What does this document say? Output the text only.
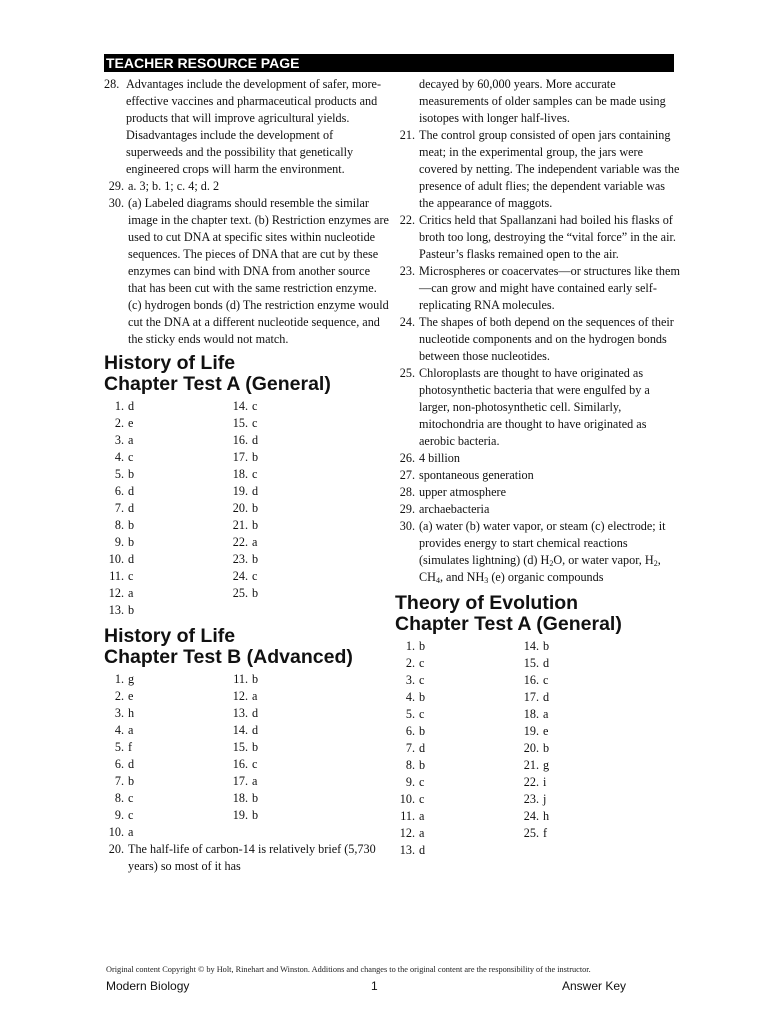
TEACHER RESOURCE PAGE
28. Advantages include the development of safer, more-effective vaccines and pharmaceutical products and products that will improve agricultural yields. Disadvantages include the development of superweeds and the possibility that genetically engineered crops will harm the environment.
29. a. 3; b. 1; c. 4; d. 2
30. (a) Labeled diagrams should resemble the similar image in the chapter text. (b) Restriction enzymes are used to cut DNA at specific sites within nucleotide sequences. The pieces of DNA that are cut by these enzymes can bind with DNA from another source that has been cut with the same restriction enzyme. (c) hydrogen bonds (d) The restriction enzyme would cut the DNA at a different nucleotide sequence, and the sticky ends would not match.
History of Life
Chapter Test A (General)
1. d
2. e
3. a
4. c
5. b
6. d
7. d
8. b
9. b
10. d
11. c
12. a
13. b
14. c
15. c
16. d
17. b
18. c
19. d
20. b
21. b
22. a
23. b
24. c
25. b
History of Life
Chapter Test B (Advanced)
1. g
2. e
3. h
4. a
5. f
6. d
7. b
8. c
9. c
10. a
11. b
12. a
13. d
14. d
15. b
16. c
17. a
18. b
19. b
20. The half-life of carbon-14 is relatively brief (5,730 years) so most of it has
decayed by 60,000 years. More accurate measurements of older samples can be made using isotopes with longer half-lives.
21. The control group consisted of open jars containing meat; in the experimental group, the jars were covered by netting. The independent variable was the presence of adult flies; the dependent variable was the appearance of maggots.
22. Critics held that Spallanzani had boiled his flasks of broth too long, destroying the “vital force” in the air. Pasteur’s flasks remained open to the air.
23. Microspheres or coacervates—or structures like them—can grow and might have contained early self-replicating RNA molecules.
24. The shapes of both depend on the sequences of their nucleotide components and on the hydrogen bonds between those nucleotides.
25. Chloroplasts are thought to have originated as photosynthetic bacteria that were engulfed by a larger, non-photosynthetic cell. Similarly, mitochondria are thought to have originated as aerobic bacteria.
26. 4 billion
27. spontaneous generation
28. upper atmosphere
29. archaebacteria
30. (a) water (b) water vapor, or steam (c) electrode; it provides energy to start chemical reactions (simulates lightning) (d) $H_2O$, or water vapor, $H_2$, $CH_4$, and $NH_3$ (e) organic compounds
Theory of Evolution
Chapter Test A (General)
1. b
2. c
3. c
4. b
5. c
6. b
7. d
8. b
9. c
10. c
11. a
12. a
13. d
14. b
15. d
16. c
17. d
18. a
19. e
20. b
21. g
22. i
23. j
24. h
25. f
Original content Copyright © by Holt, Rinehart and Winston. Additions and changes to the original content are the responsibility of the instructor.
Modern Biology	1	Answer Key
